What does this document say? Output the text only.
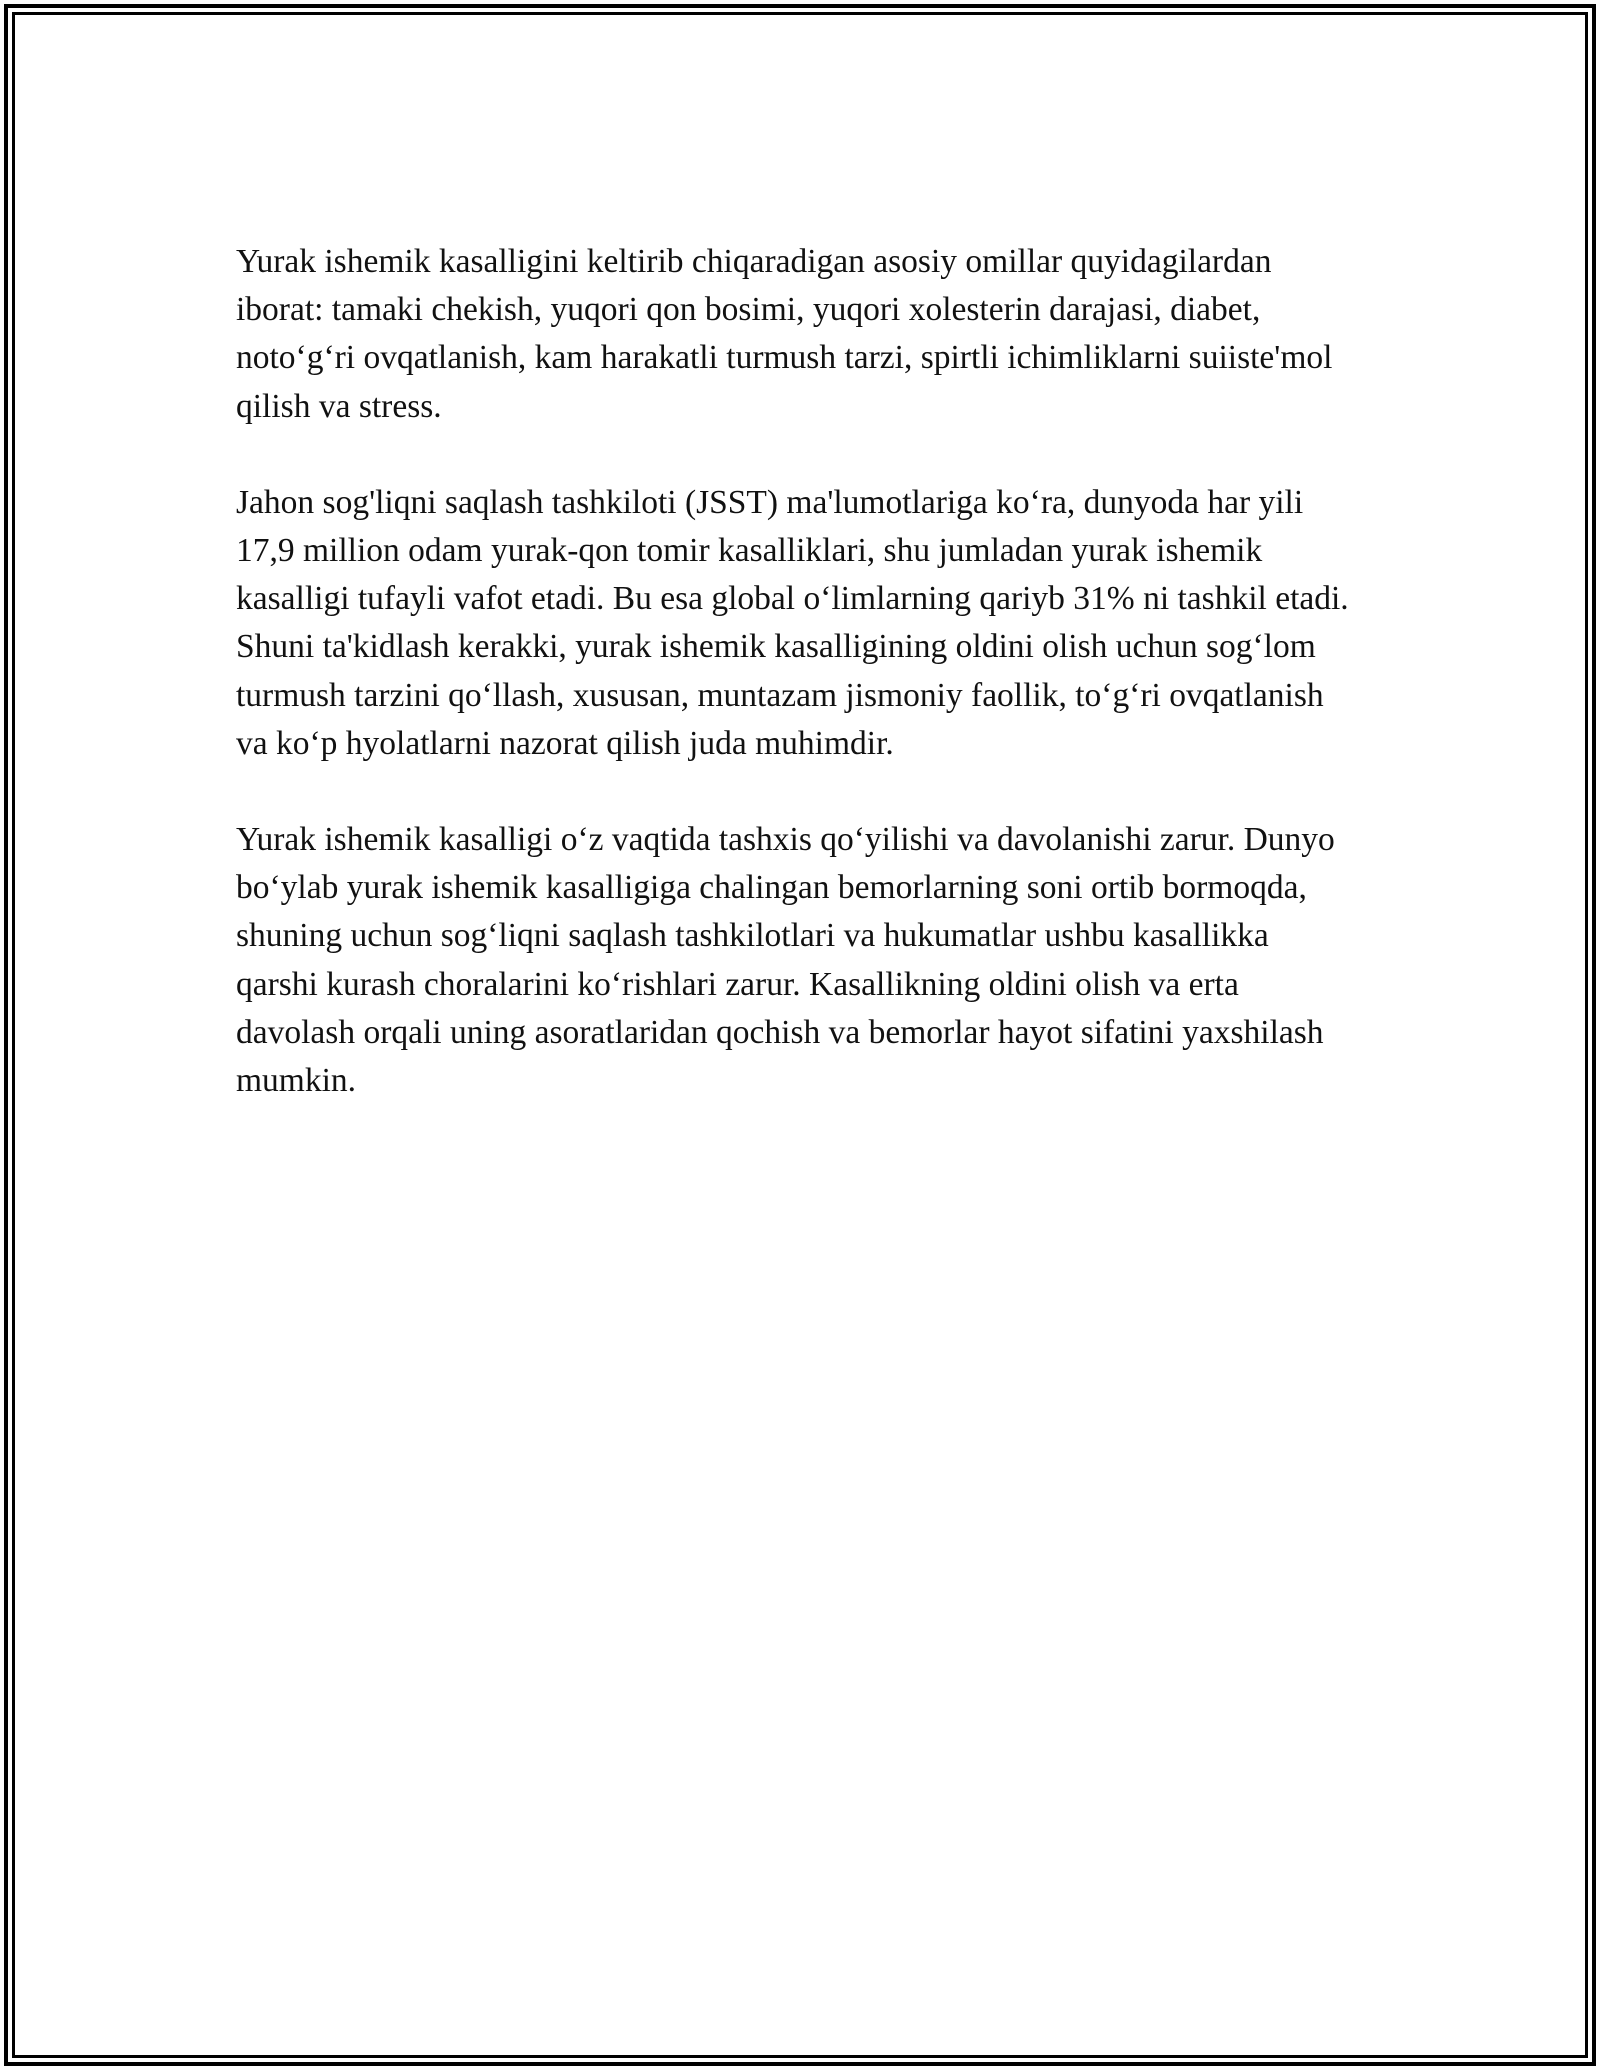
Yurak ishemik kasalligini keltirib chiqaradigan asosiy omillar quyidagilardan iborat: tamaki chekish, yuqori qon bosimi, yuqori xolesterin darajasi, diabet, noto‘g‘ri ovqatlanish, kam harakatli turmush tarzi, spirtli ichimliklarni suiiste'mol qilish va stress.

Jahon sog'liqni saqlash tashkiloti (JSST) ma'lumotlariga ko‘ra, dunyoda har yili 17,9 million odam yurak-qon tomir kasalliklari, shu jumladan yurak ishemik kasalligi tufayli vafot etadi. Bu esa global o‘limlarning qariyb 31% ni tashkil etadi. Shuni ta'kidlash kerakki, yurak ishemik kasalligining oldini olish uchun sog‘lom turmush tarzini qo‘llash, xususan, muntazam jismoniy faollik, to‘g‘ri ovqatlanish va ko‘p hyolatlarni nazorat qilish juda muhimdir.

Yurak ishemik kasalligi o‘z vaqtida tashxis qo‘yilishi va davolanishi zarur. Dunyo bo‘ylab yurak ishemik kasalligiga chalingan bemorlarning soni ortib bormoqda, shuning uchun sog‘liqni saqlash tashkilotlari va hukumatlar ushbu kasallikka qarshi kurash choralarini ko‘rishlari zarur. Kasallikning oldini olish va erta davolash orqali uning asoratlaridan qochish va bemorlar hayot sifatini yaxshilash mumkin.
